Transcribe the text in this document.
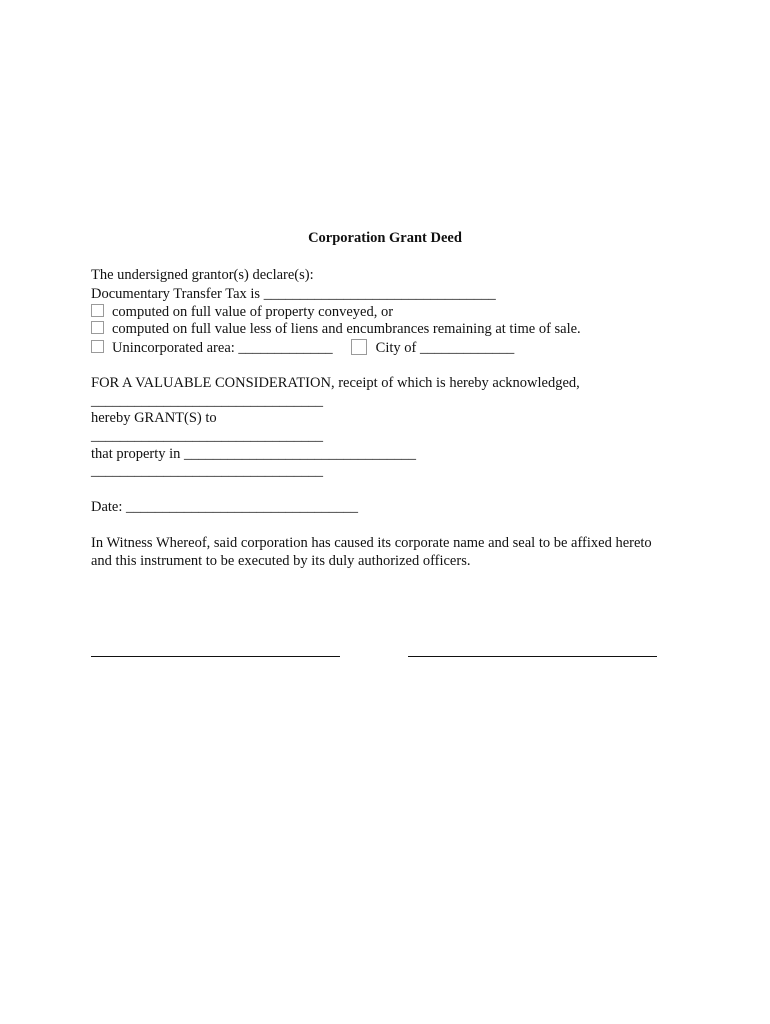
Corporation Grant Deed
The undersigned grantor(s) declare(s):
Documentary Transfer Tax is ________________________________
computed on full value of property conveyed, or
computed on full value less of liens and encumbrances remaining at time of sale.
Unincorporated area: _____________	City of _____________
FOR A VALUABLE CONSIDERATION, receipt of which is hereby acknowledged,
________________________________
hereby GRANT(S) to
________________________________
that property in ________________________________
________________________________
Date: ________________________________
In Witness Whereof, said corporation has caused its corporate name and seal to be affixed hereto
and this instrument to be executed by its duly authorized officers.
